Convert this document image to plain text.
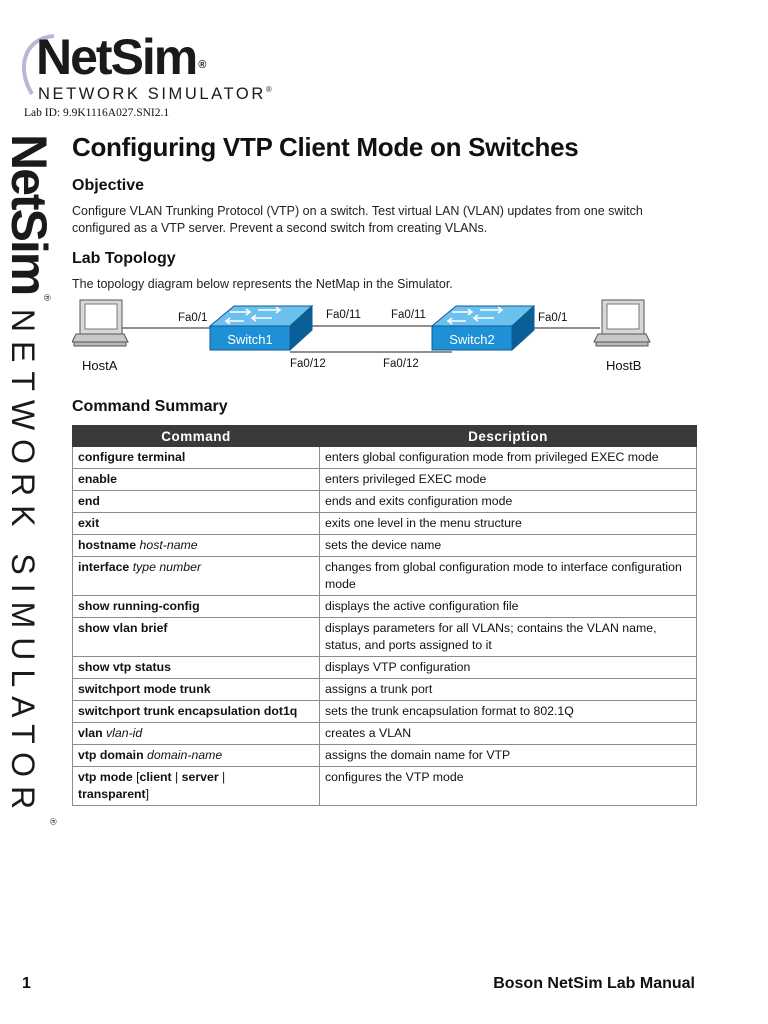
NetSim ®
NETWORK SIMULATOR®
Lab ID: 9.9K1116A027.SNI2.1
NetSim®NETWORK SIMULATOR®
Configuring VTP Client Mode on Switches
Objective

Configure VLAN Trunking Protocol (VTP) on a switch. Test virtual LAN (VLAN) updates from one switch configured as a VTP server. Prevent a second switch from creating VLANs.

Lab Topology

The topology diagram below represents the NetMap in the Simulator.

Command Summary
Switch1	Switch2
HostA	HostB
Fa0/1	Fa0/11	Fa0/11	Fa0/1
Fa0/12	Fa0/12
Command	Description
configure terminal	enters global configuration mode from privileged EXEC mode
enable	enters privileged EXEC mode
end	ends and exits configuration mode
exit	exits one level in the menu structure
hostname host-name	sets the device name
interface type number	changes from global configuration mode to interface configuration mode
show running-config	displays the active configuration file
show vlan brief	displays parameters for all VLANs; contains the VLAN name, status, and ports assigned to it
show vtp status	displays VTP configuration
switchport mode trunk	assigns a trunk port
switchport trunk encapsulation dot1q	sets the trunk encapsulation format to 802.1Q
vlan vlan-id	creates a VLAN
vtp domain domain-name	assigns the domain name for VTP
vtp mode [client | server |
transparent]	configures the VTP mode
1	Boson NetSim Lab Manual
